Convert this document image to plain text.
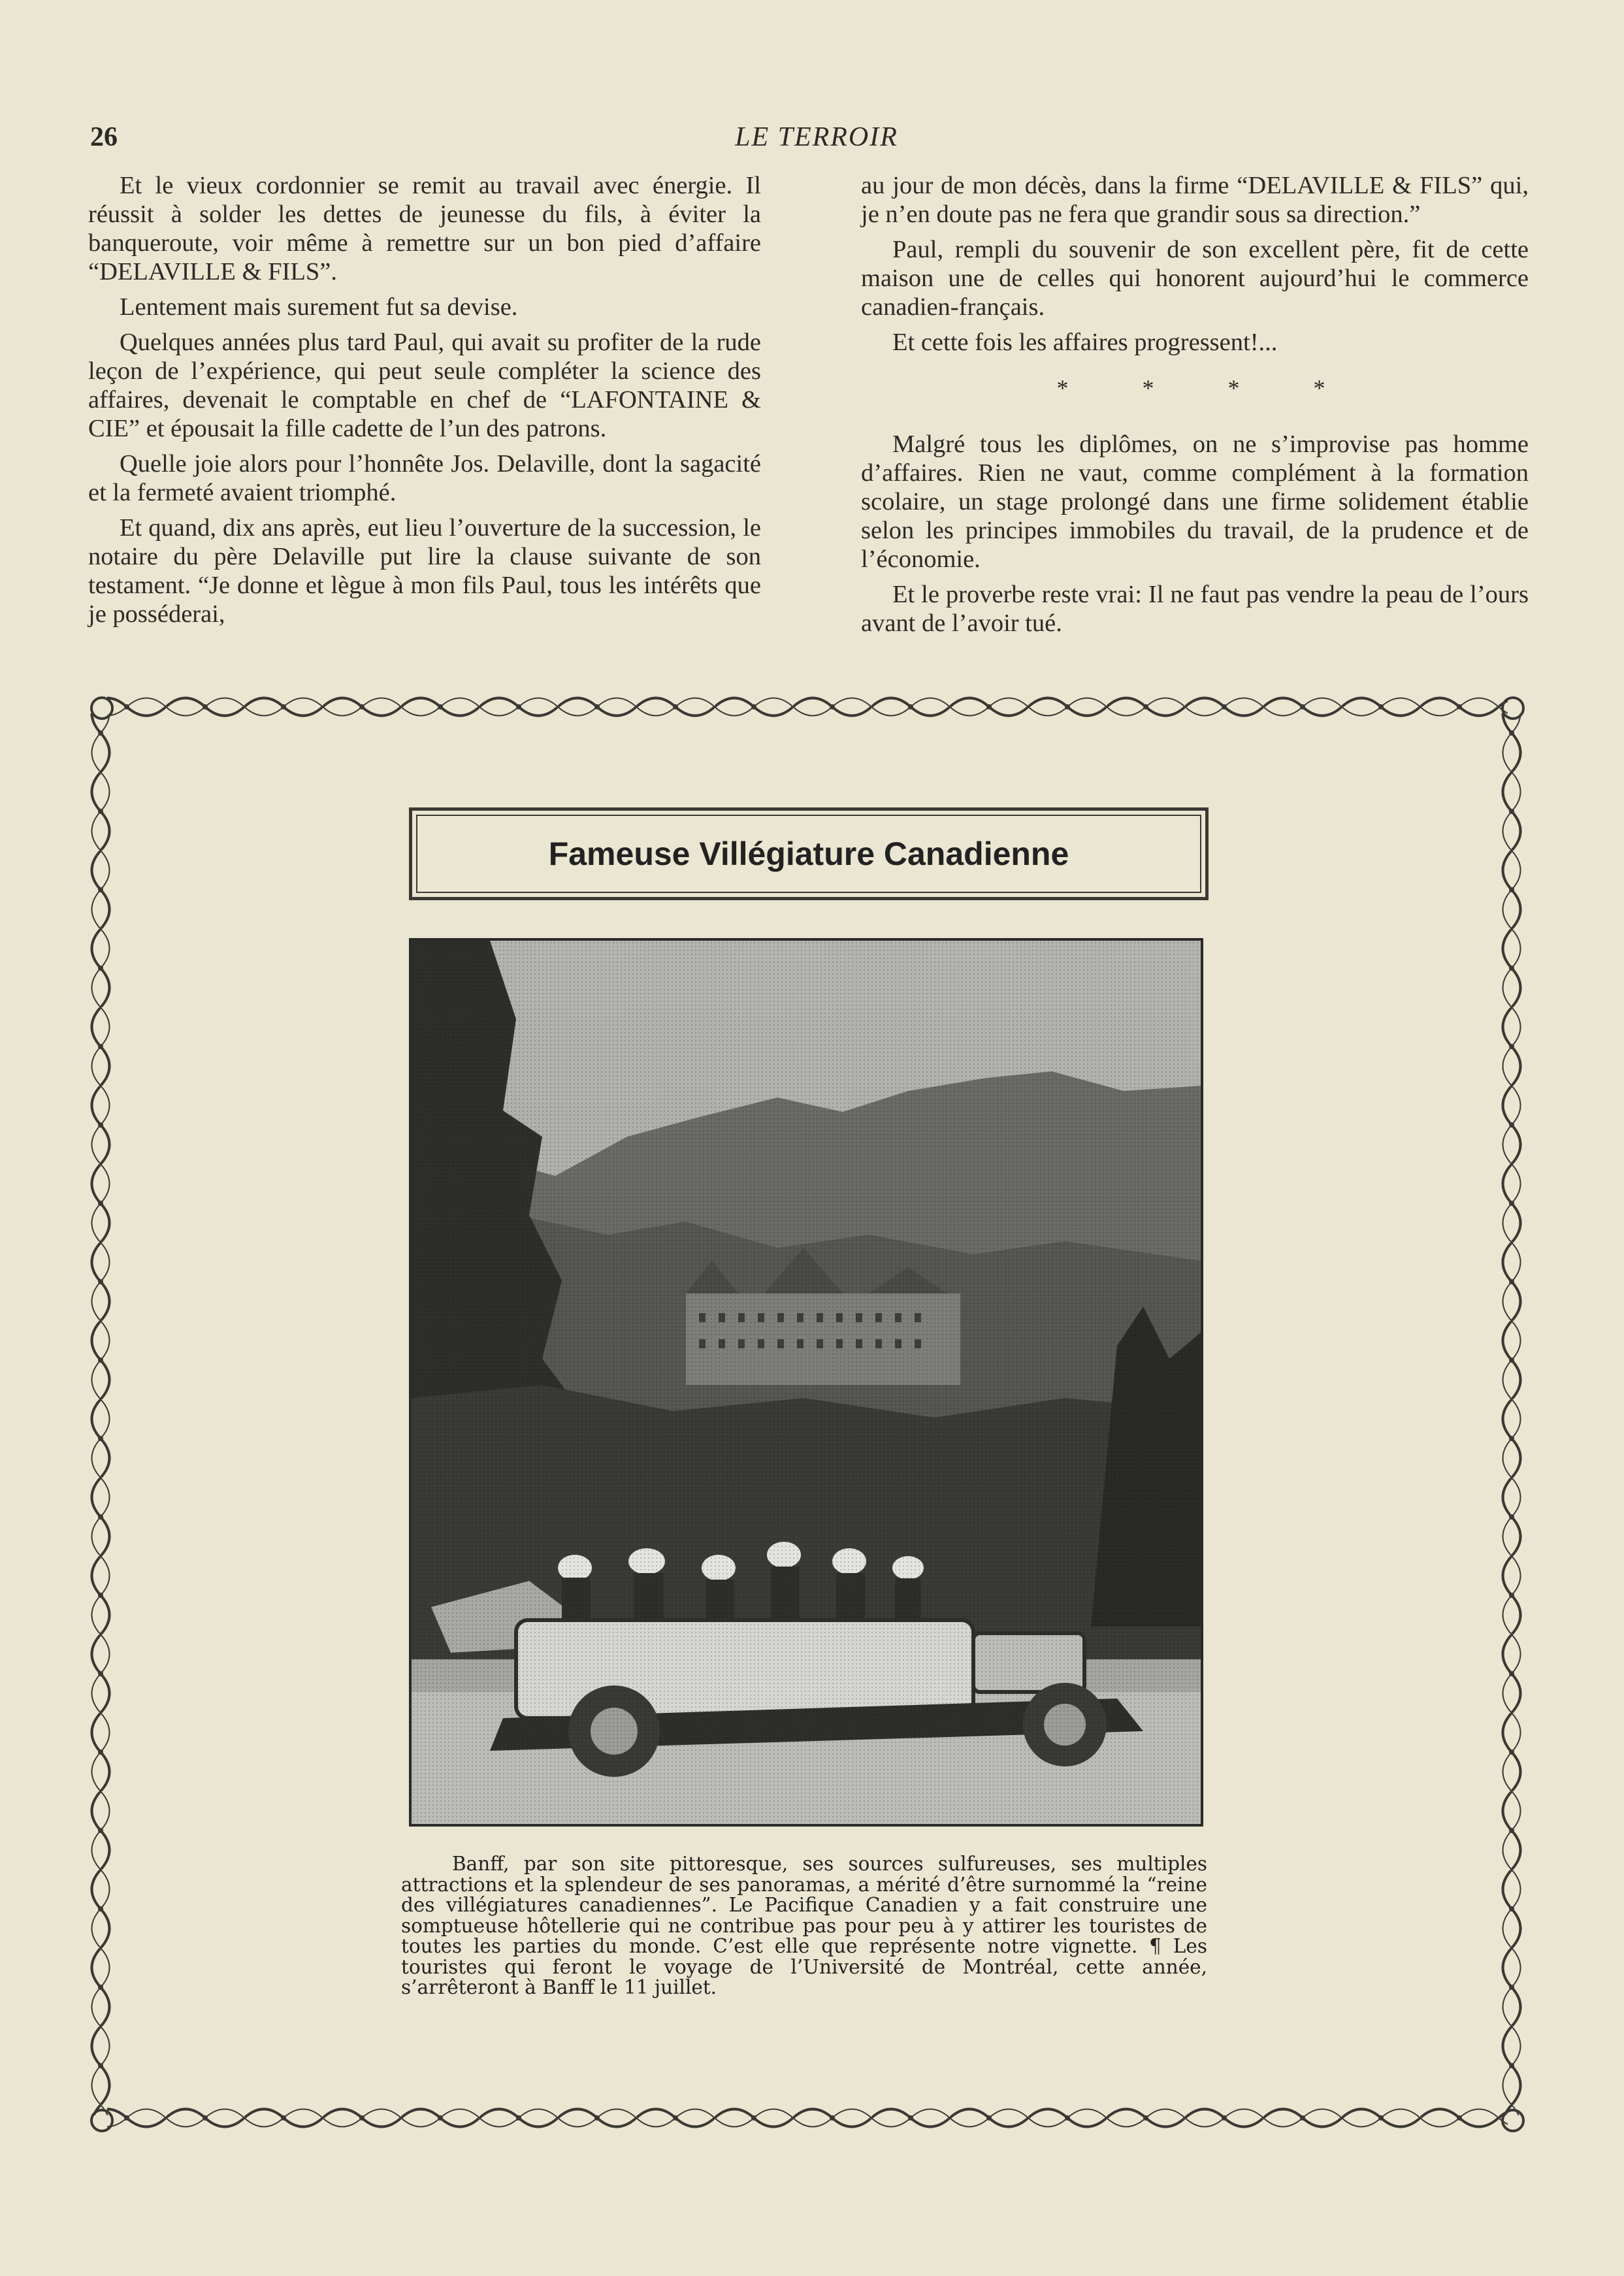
26	LE TERROIR

Et le vieux cordonnier se remit au travail avec énergie. Il réussit à solder les dettes de jeunesse du fils, à éviter la banqueroute, voir même à remettre sur un bon pied d’affaire “DELAVILLE & FILS”.

Lentement mais surement fut sa devise.

Quelques années plus tard Paul, qui avait su profiter de la rude leçon de l’expérience, qui peut seule compléter la science des affaires, devenait le comptable en chef de “LAFONTAINE & CIE” et épousait la fille cadette de l’un des patrons.

Quelle joie alors pour l’honnête Jos. Delaville, dont la sagacité et la fermeté avaient triomphé.

Et quand, dix ans après, eut lieu l’ouverture de la succession, le notaire du père Delaville put lire la clause suivante de son testament. “Je donne et lègue à mon fils Paul, tous les intérêts que je posséderai,

au jour de mon décès, dans la firme “DELAVILLE & FILS” qui, je n’en doute pas ne fera que grandir sous sa direction.”

Paul, rempli du souvenir de son excellent père, fit de cette maison une de celles qui honorent aujourd’hui le commerce canadien-français.

Et cette fois les affaires progressent!...

* * * *

Malgré tous les diplômes, on ne s’improvise pas homme d’affaires. Rien ne vaut, comme complément à la formation scolaire, un stage prolongé dans une firme solidement établie selon les principes immobiles du travail, de la prudence et de l’économie.

Et le proverbe reste vrai: Il ne faut pas vendre la peau de l’ours avant de l’avoir tué.

Fameuse Villégiature Canadienne
Banff, par son site pittoresque, ses sources sulfureuses, ses multiples attractions et la splendeur de ses panoramas, a mérité d’être surnommé la “reine des villégiatures canadiennes”. Le Pacifique Canadien y a fait construire une somptueuse hôtellerie qui ne contribue pas pour peu à y attirer les touristes de toutes les parties du monde. C’est elle que représente notre vignette. ¶ Les touristes qui feront le voyage de l’Université de Montréal, cette année, s’arrêteront à Banff le 11 juillet.
